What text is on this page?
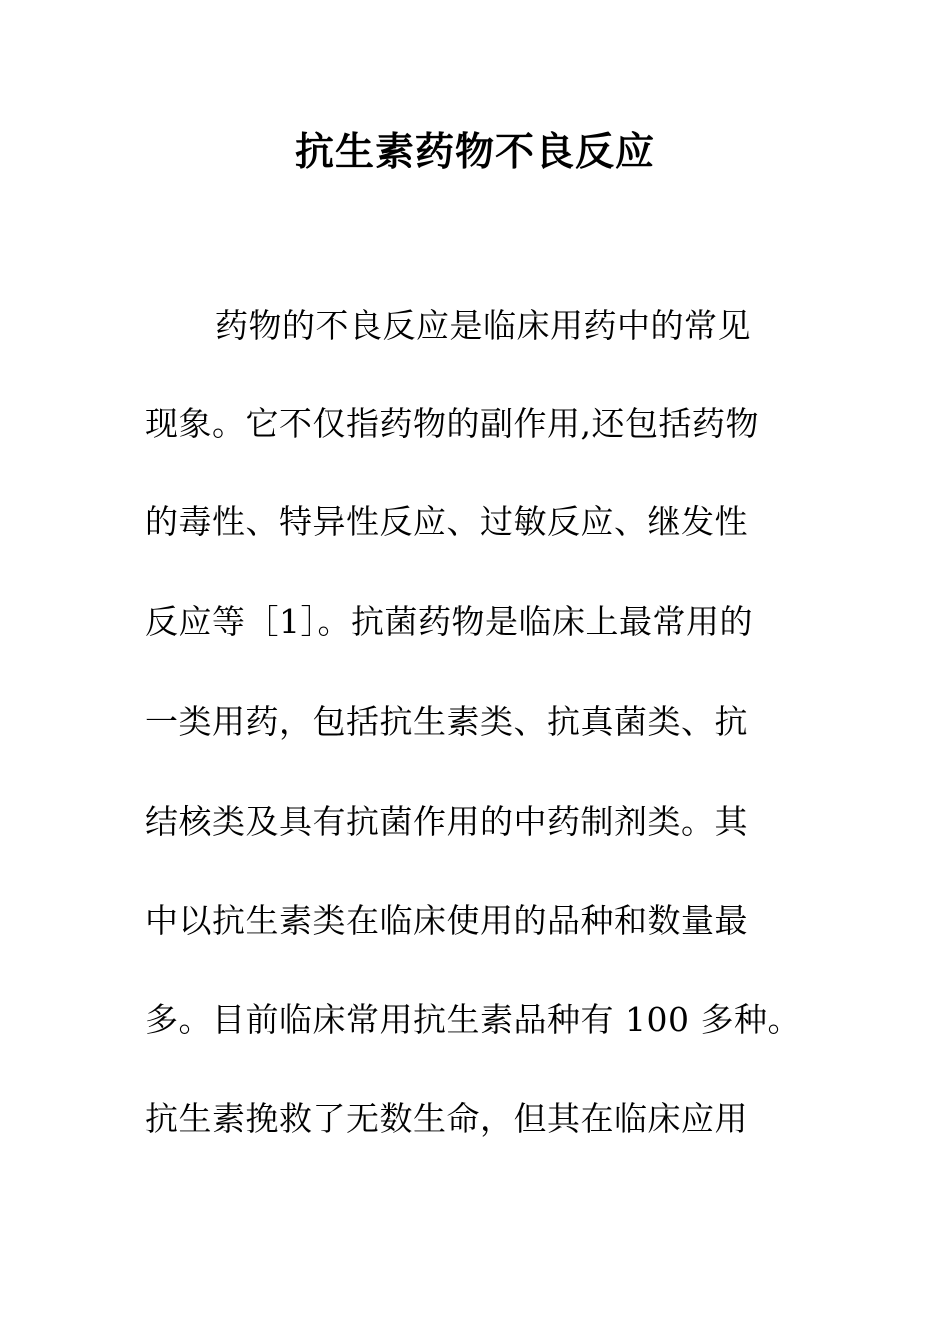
抗生素药物不良反应
药物的不良反应是临床用药中的常见
现象。它不仅指药物的副作用,还包括药物
的毒性、特异性反应、过敏反应、继发性
反应等［1］。抗菌药物是临床上最常用的
一类用药，包括抗生素类、抗真菌类、抗
结核类及具有抗菌作用的中药制剂类。其
中以抗生素类在临床使用的品种和数量最
多。目前临床常用抗生素品种有 100 多种。
抗生素挽救了无数生命，但其在临床应用
